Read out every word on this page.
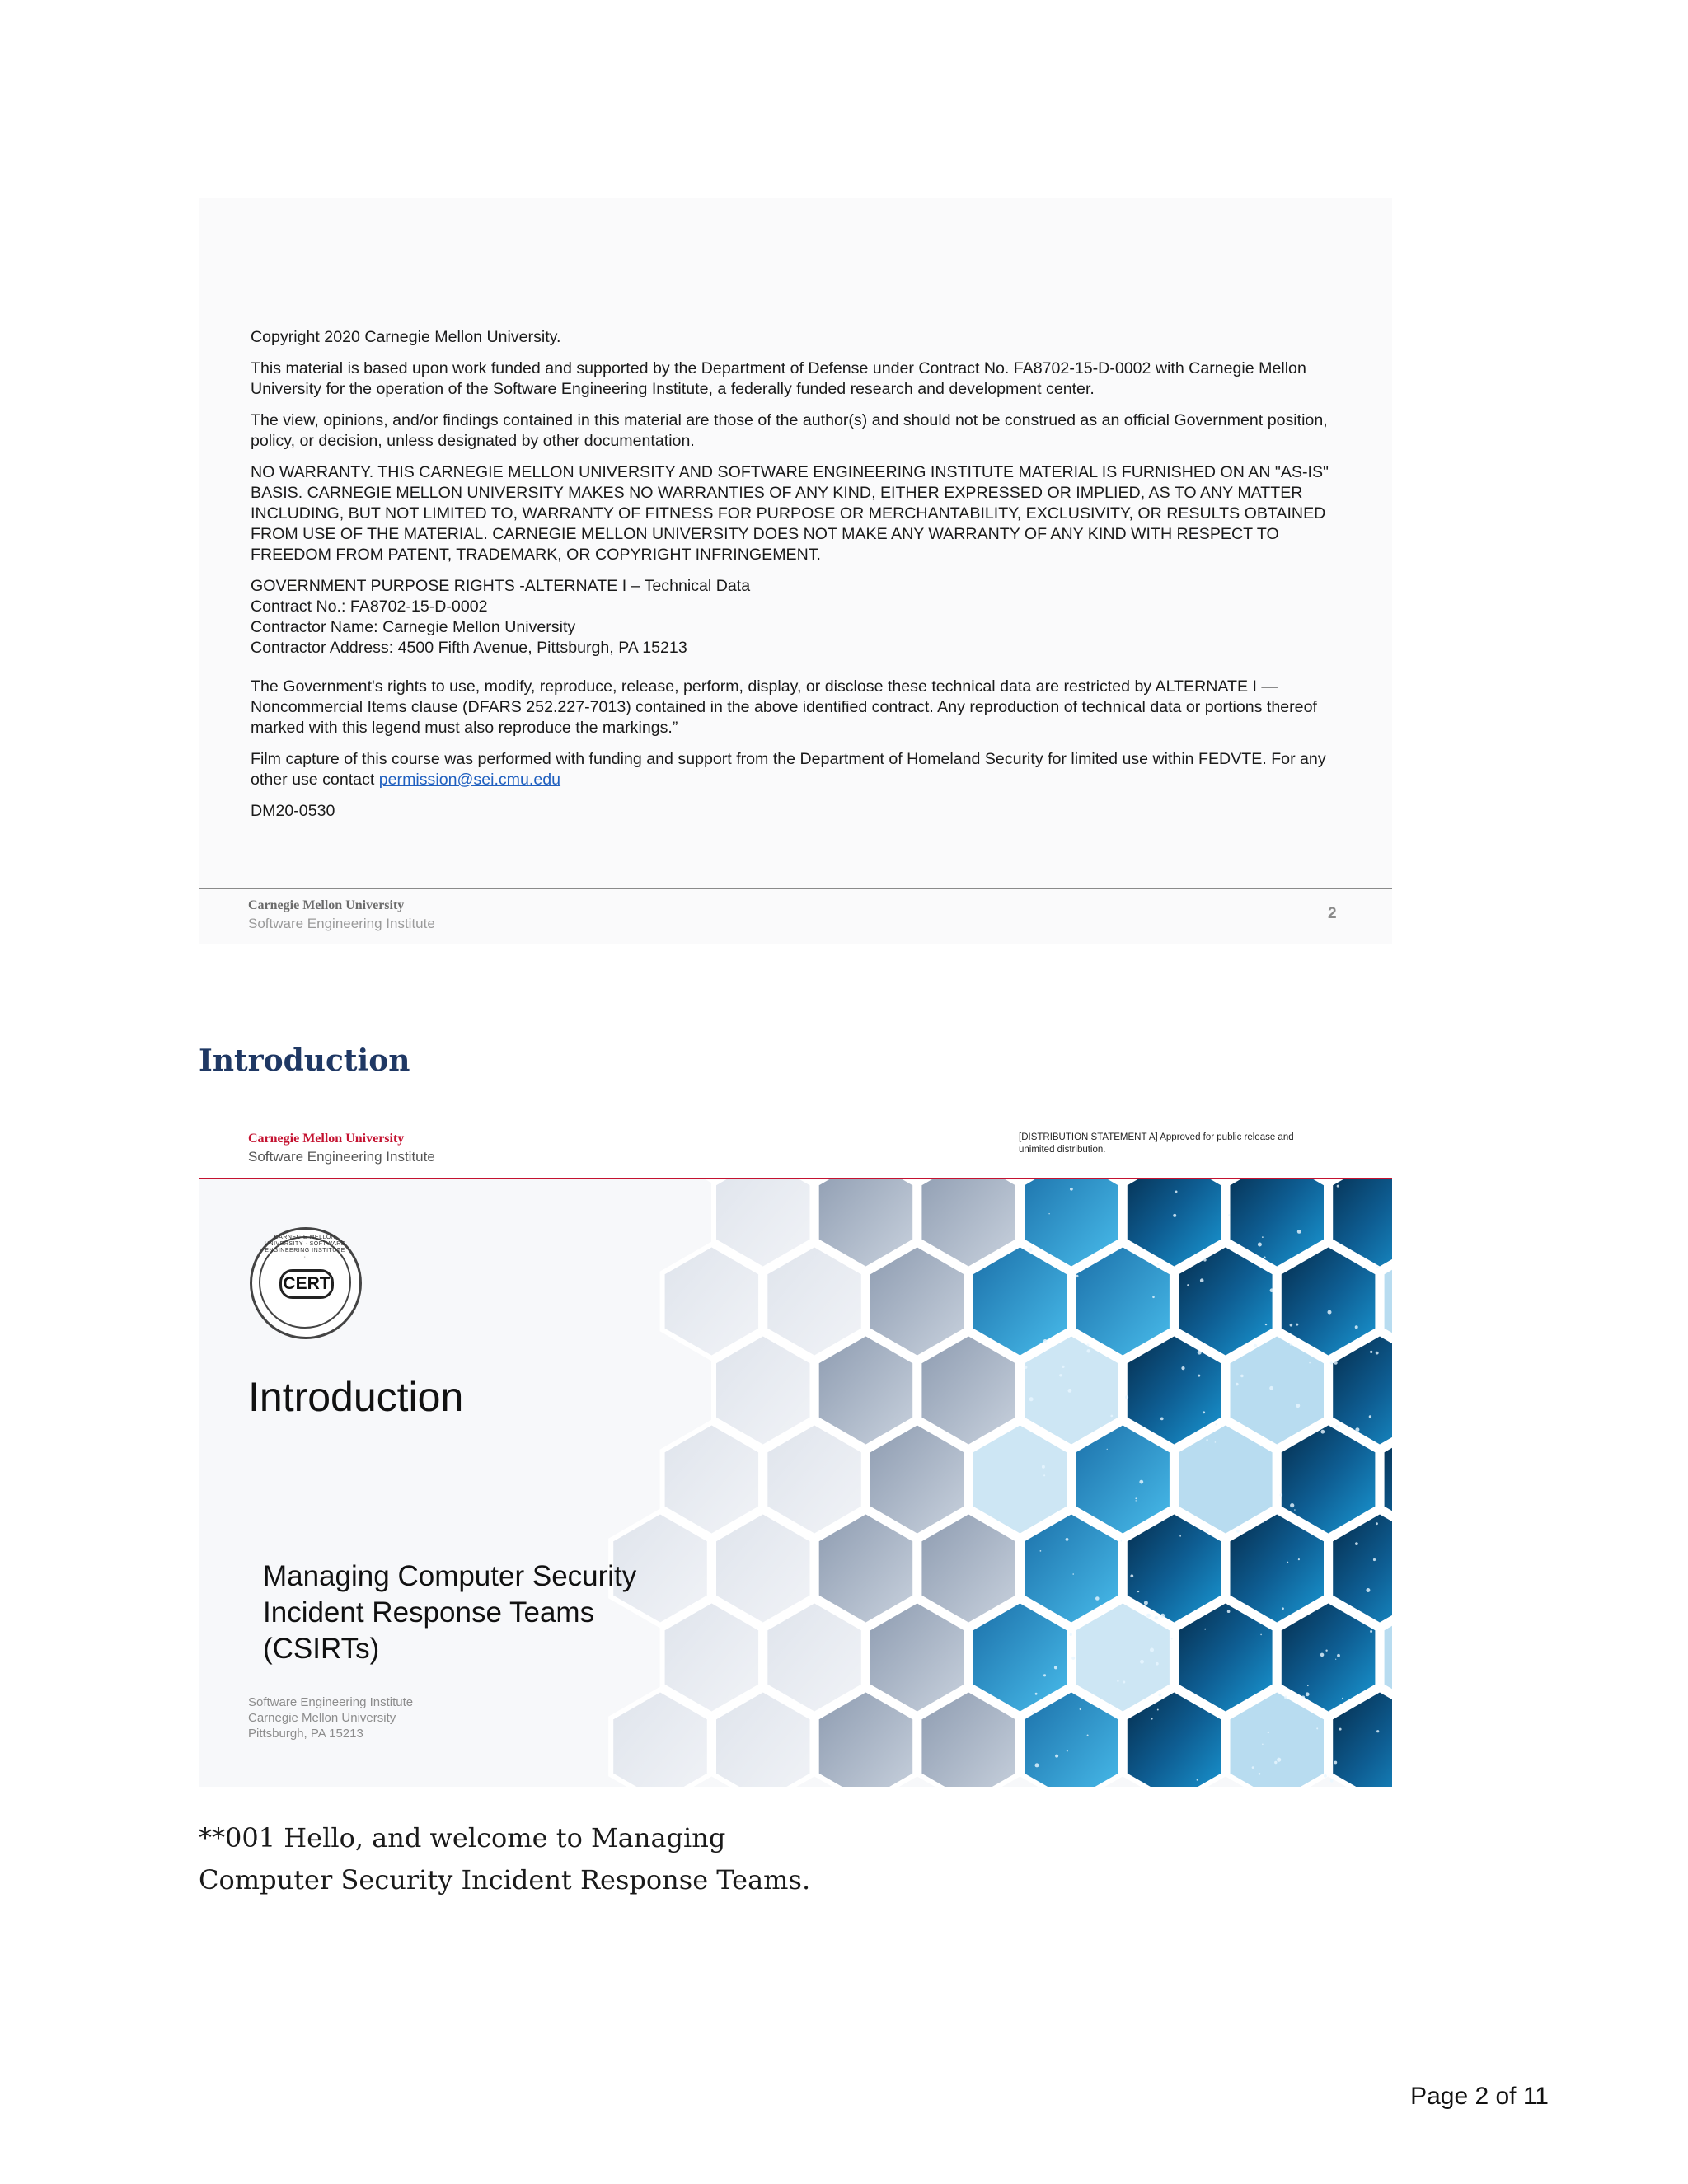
Copyright 2020 Carnegie Mellon University.

This material is based upon work funded and supported by the Department of Defense under Contract No. FA8702-15-D-0002 with Carnegie Mellon University for the operation of the Software Engineering Institute, a federally funded research and development center.

The view, opinions, and/or findings contained in this material are those of the author(s) and should not be construed as an official Government position, policy, or decision, unless designated by other documentation.

NO WARRANTY. THIS CARNEGIE MELLON UNIVERSITY AND SOFTWARE ENGINEERING INSTITUTE MATERIAL IS FURNISHED ON AN "AS-IS" BASIS. CARNEGIE MELLON UNIVERSITY MAKES NO WARRANTIES OF ANY KIND, EITHER EXPRESSED OR IMPLIED, AS TO ANY MATTER INCLUDING, BUT NOT LIMITED TO, WARRANTY OF FITNESS FOR PURPOSE OR MERCHANTABILITY, EXCLUSIVITY, OR RESULTS OBTAINED FROM USE OF THE MATERIAL. CARNEGIE MELLON UNIVERSITY DOES NOT MAKE ANY WARRANTY OF ANY KIND WITH RESPECT TO FREEDOM FROM PATENT, TRADEMARK, OR COPYRIGHT INFRINGEMENT.

GOVERNMENT PURPOSE RIGHTS -ALTERNATE I – Technical Data
Contract No.: FA8702-15-D-0002
Contractor Name: Carnegie Mellon University
Contractor Address: 4500 Fifth Avenue, Pittsburgh, PA 15213

The Government's rights to use, modify, reproduce, release, perform, display, or disclose these technical data are restricted by ALTERNATE I — Noncommercial Items clause (DFARS 252.227-7013) contained in the above identified contract. Any reproduction of technical data or portions thereof marked with this legend must also reproduce the markings.”

Film capture of this course was performed with funding and support from the Department of Homeland Security for limited use within FEDVTE. For any other use contact permission@sei.cmu.edu

DM20-0530

Carnegie Mellon University
Software Engineering Institute
2
Introduction
Carnegie Mellon University
Software Engineering Institute
[DISTRIBUTION STATEMENT A] Approved for public release and unimited distribution.
CARNEGIE MELLON UNIVERSITY · SOFTWARE ENGINEERING INSTITUTE ·
CERT
Introduction
Managing Computer Security Incident Response Teams (CSIRTs)
Software Engineering Institute
Carnegie Mellon University
Pittsburgh, PA 15213
**001 Hello, and welcome to Managing Computer Security Incident Response Teams.
Page 2 of 11
